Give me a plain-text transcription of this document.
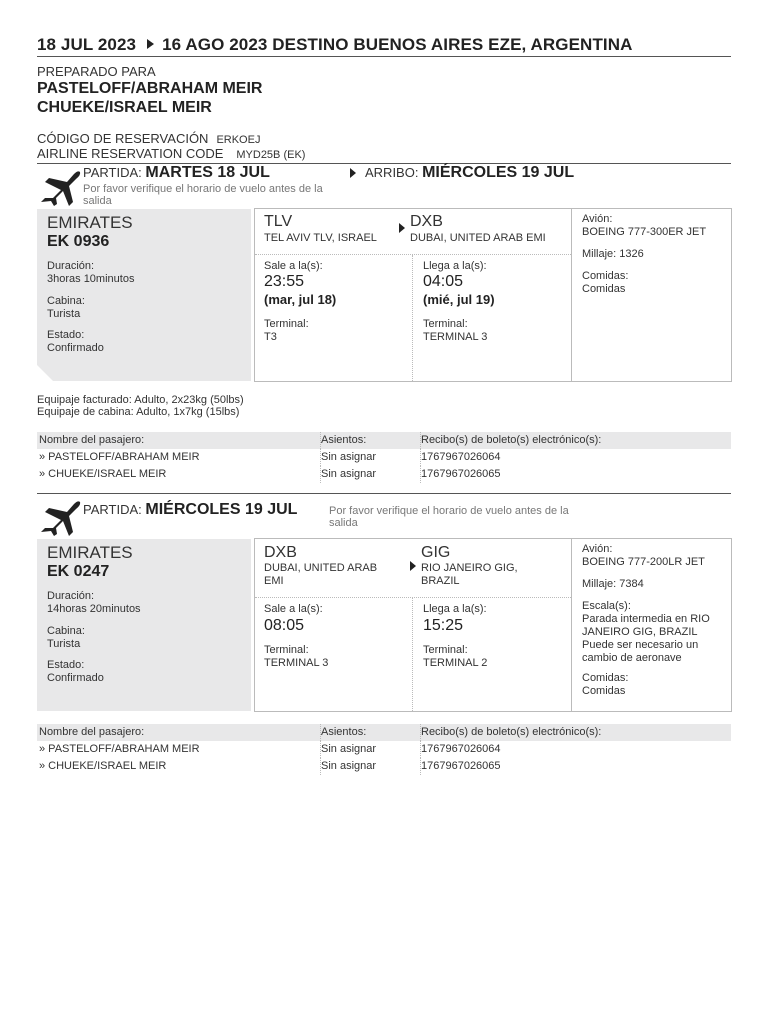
18 JUL 2023 16 AGO 2023 DESTINO BUENOS AIRES EZE, ARGENTINA
PREPARADO PARA
PASTELOFF/ABRAHAM MEIR
CHUEKE/ISRAEL MEIR
CÓDIGO DE RESERVACIÓN ERKOEJ
AIRLINE RESERVATION CODE MYD25B (EK)
PARTIDA: MARTES 18 JUL	ARRIBO: MIÉRCOLES 19 JUL
Por favor verifique el horario de vuelo antes de la salida
EMIRATES
EK 0936
Duración:
3horas 10minutos
Cabina:
Turista
Estado:
Confirmado
TLV
TEL AVIV TLV, ISRAEL
DXB
DUBAI, UNITED ARAB EMI
Sale a la(s):
23:55
(mar, jul 18)
Terminal:
T3
Llega a la(s):
04:05
(mié, jul 19)
Terminal:
TERMINAL 3
Avión:
BOEING 777-300ER JET
Millaje: 1326
Comidas:
Comidas
Equipaje facturado: Adulto, 2x23kg (50lbs)
Equipaje de cabina: Adulto, 1x7kg (15lbs)
Nombre del pasajero:	Asientos:	Recibo(s) de boleto(s) electrónico(s):
» PASTELOFF/ABRAHAM MEIR	Sin asignar	1767967026064
» CHUEKE/ISRAEL MEIR	Sin asignar	1767967026065
PARTIDA: MIÉRCOLES 19 JUL	Por favor verifique el horario de vuelo antes de la salida
EMIRATES
EK 0247
Duración:
14horas 20minutos
Cabina:
Turista
Estado:
Confirmado
DXB
DUBAI, UNITED ARAB EMI
GIG
RIO JANEIRO GIG, BRAZIL
Sale a la(s):
08:05
Terminal:
TERMINAL 3
Llega a la(s):
15:25
Terminal:
TERMINAL 2
Avión:
BOEING 777-200LR JET
Millaje: 7384
Escala(s):
Parada intermedia en RIO JANEIRO GIG, BRAZIL Puede ser necesario un cambio de aeronave
Comidas:
Comidas
Nombre del pasajero:	Asientos:	Recibo(s) de boleto(s) electrónico(s):
» PASTELOFF/ABRAHAM MEIR	Sin asignar	1767967026064
» CHUEKE/ISRAEL MEIR	Sin asignar	1767967026065
